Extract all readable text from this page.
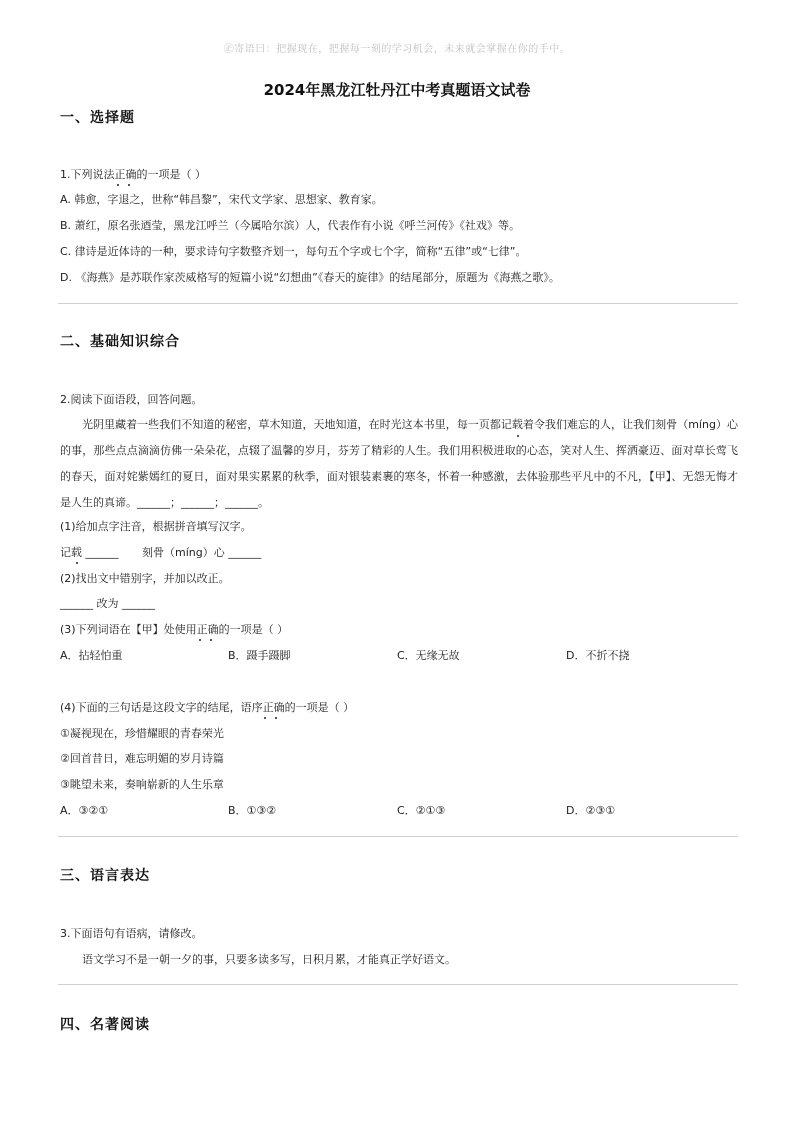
㊣寄语曰：把握现在，把握每一刻的学习机会，未来就会掌握在你的手中。
2024年黑龙江牡丹江中考真题语文试卷
一、选择题
1.下列说法正确的一项是（ ）
A. 韩愈，字退之，世称“韩昌黎”，宋代文学家、思想家、教育家。
B. 萧红，原名张迺莹，黑龙江呼兰（今属哈尔滨）人，代表作有小说《呼兰河传》《社戏》等。
C. 律诗是近体诗的一种，要求诗句字数整齐划一，每句五个字或七个字，简称“五律”或“七律”。
D. 《海燕》是苏联作家茨威格写的短篇小说“幻想曲”《春天的旋律》的结尾部分，原题为《海燕之歌》。
二、基础知识综合
2.阅读下面语段，回答问题。
光阴里藏着一些我们不知道的秘密，草木知道，天地知道，在时光这本书里，每一页都记载着令我们难忘的人，让我们刻骨（míng）心的事，那些点点滴滴仿佛一朵朵花，点辍了温馨的岁月，芬芳了精彩的人生。我们用积极进取的心态，笑对人生、挥洒豪迈、面对草长莺飞的春天，面对姹紫嫣红的夏日，面对果实累累的秋季，面对银装素裹的寒冬，怀着一种感激，去体验那些平凡中的不凡，【甲】、无怨无悔才是人生的真谛。______；______；______。
(1)给加点字注音，根据拼音填写汉字。
记载 ______ 刻骨（míng）心 ______
(2)找出文中错别字，并加以改正。
______ 改为 ______
(3)下列词语在【甲】处使用正确的一项是（ ）
A．拈轻怕重	B．蹑手蹑脚	C．无缘无故	D．不折不挠
(4)下面的三句话是这段文字的结尾，语序正确的一项是（ ）
①凝视现在，珍惜耀眼的青春荣光
②回首昔日，难忘明媚的岁月诗篇
③眺望未来，奏响崭新的人生乐章
A．③②①	B．①③②	C．②①③	D．②③①
三、语言表达
3.下面语句有语病，请修改。
语文学习不是一朝一夕的事，只要多读多写，日积月累，才能真正学好语文。
四、名著阅读
